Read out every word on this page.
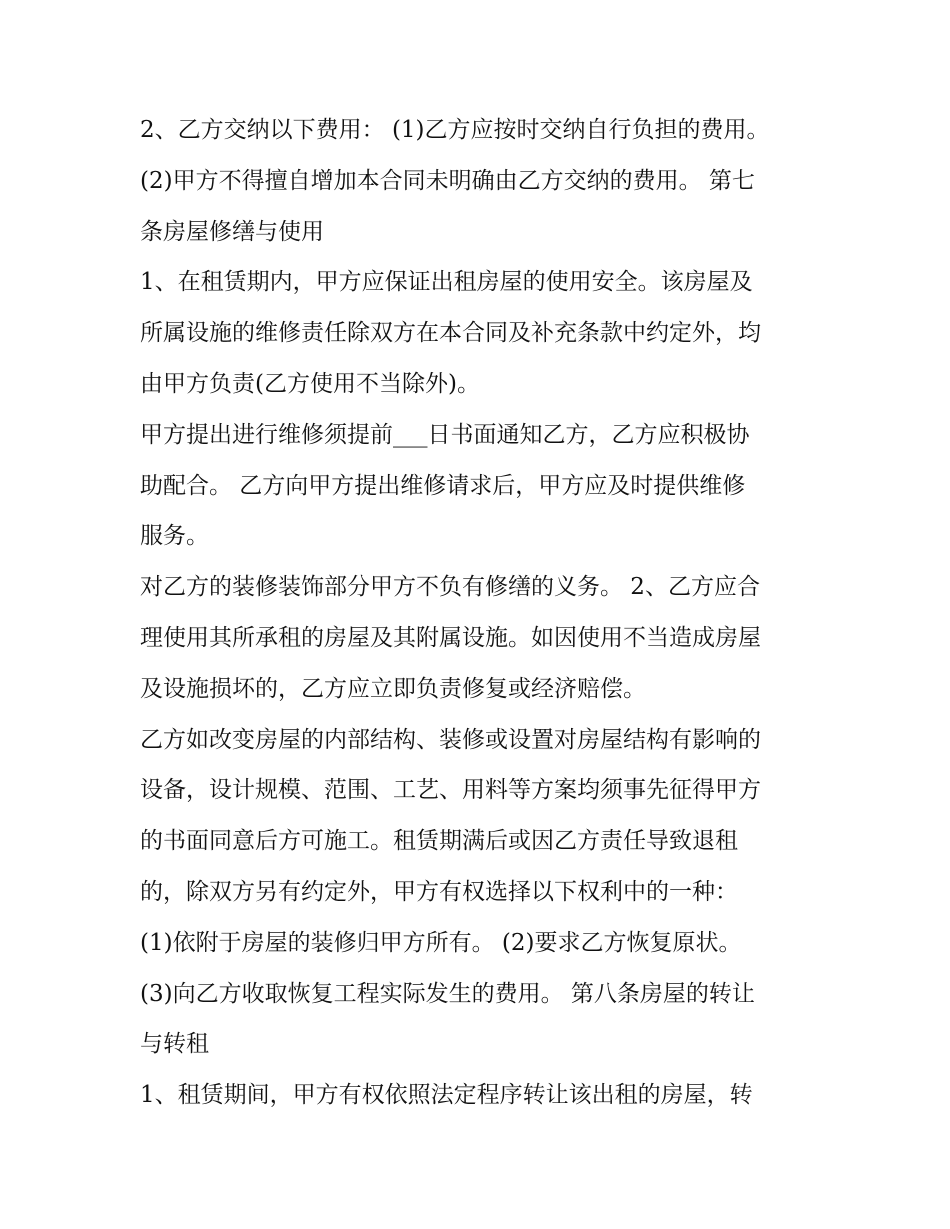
2、乙方交纳以下费用： (1)乙方应按时交纳自行负担的费用。
(2)甲方不得擅自增加本合同未明确由乙方交纳的费用。 第七
条房屋修缮与使用
1、在租赁期内，甲方应保证出租房屋的使用安全。该房屋及
所属设施的维修责任除双方在本合同及补充条款中约定外，均
由甲方负责(乙方使用不当除外)。
甲方提出进行维修须提前___日书面通知乙方，乙方应积极协
助配合。 乙方向甲方提出维修请求后，甲方应及时提供维修
服务。
对乙方的装修装饰部分甲方不负有修缮的义务。 2、乙方应合
理使用其所承租的房屋及其附属设施。如因使用不当造成房屋
及设施损坏的，乙方应立即负责修复或经济赔偿。
乙方如改变房屋的内部结构、装修或设置对房屋结构有影响的
设备，设计规模、范围、工艺、用料等方案均须事先征得甲方
的书面同意后方可施工。租赁期满后或因乙方责任导致退租
的，除双方另有约定外，甲方有权选择以下权利中的一种：
(1)依附于房屋的装修归甲方所有。 (2)要求乙方恢复原状。
(3)向乙方收取恢复工程实际发生的费用。 第八条房屋的转让
与转租
1、租赁期间，甲方有权依照法定程序转让该出租的房屋，转
